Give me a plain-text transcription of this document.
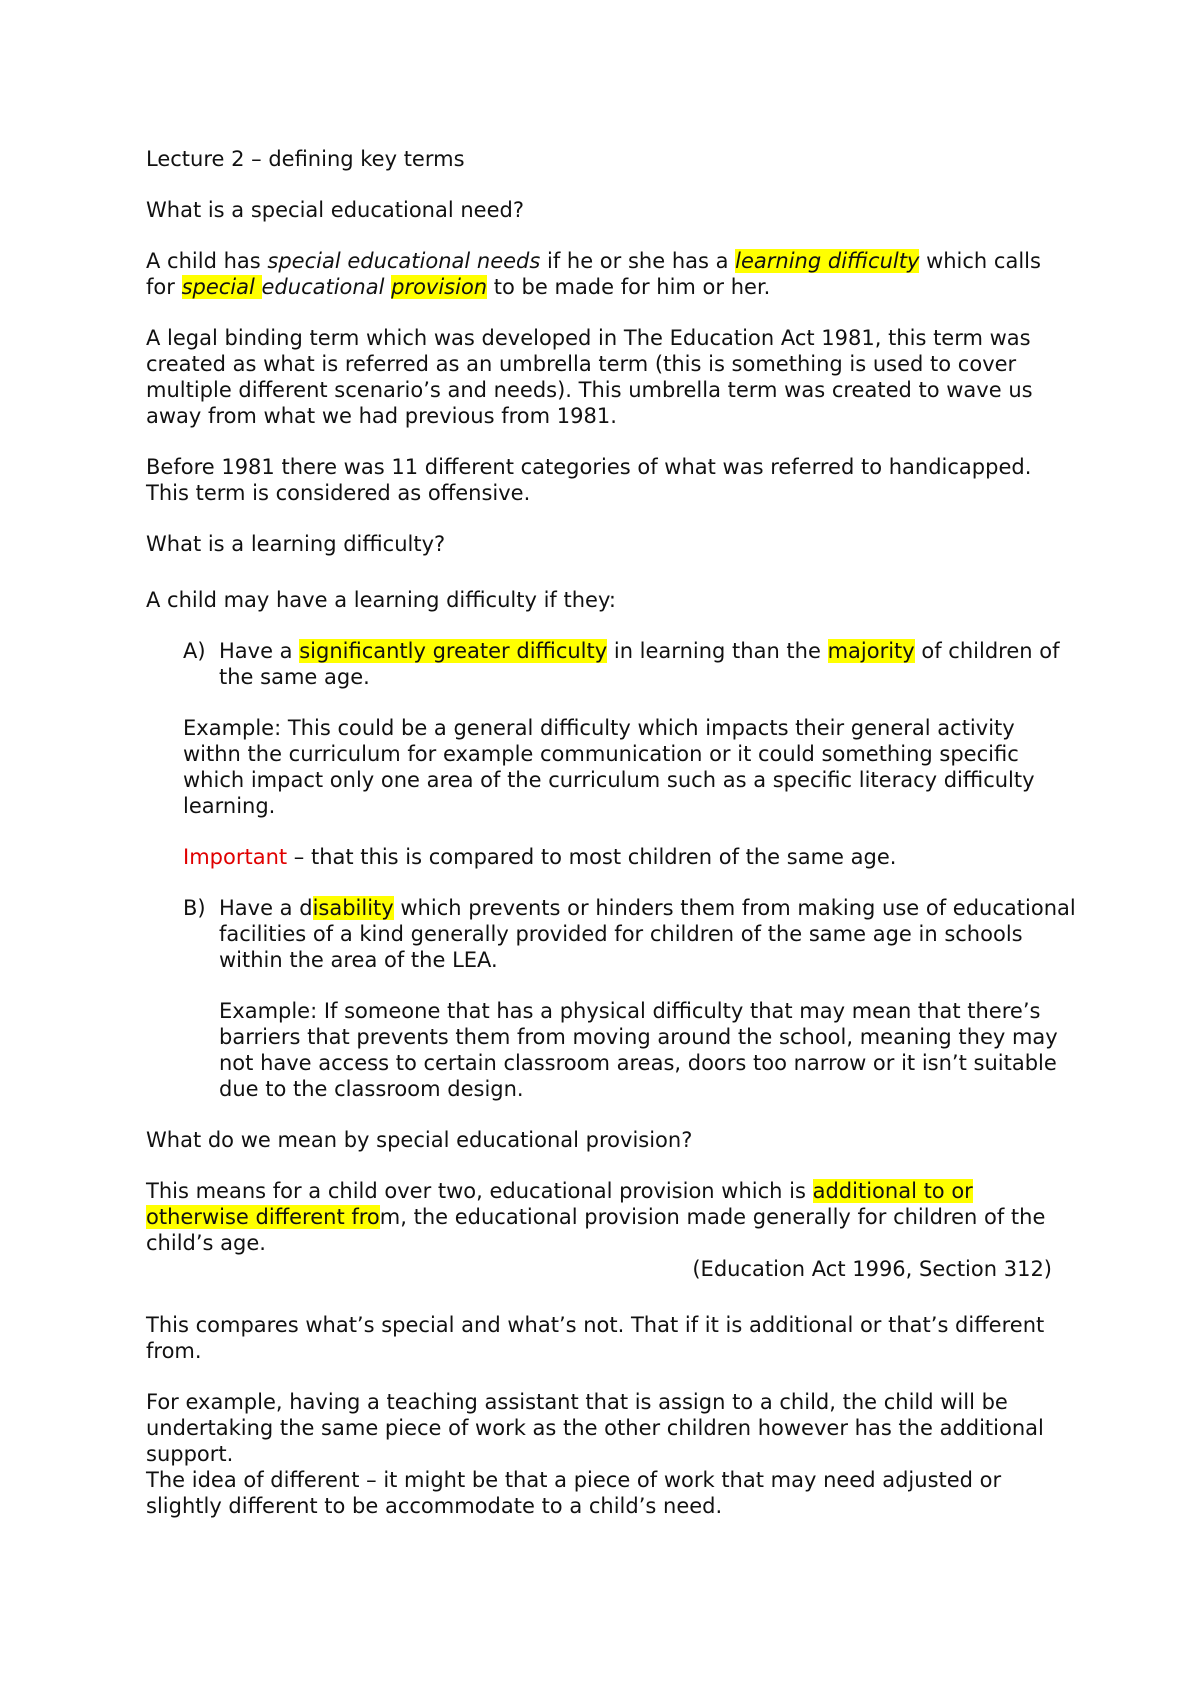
Lecture 2 – defining key terms

What is a special educational need?

A child has special educational needs if he or she has a learning difficulty which calls for special educational provision to be made for him or her.

A legal binding term which was developed in The Education Act 1981, this term was created as what is referred as an umbrella term (this is something is used to cover multiple different scenario’s and needs). This umbrella term was created to wave us away from what we had previous from 1981.

Before 1981 there was 11 different categories of what was referred to handicapped. This term is considered as offensive.

What is a learning difficulty?

A child may have a learning difficulty if they:

A) Have a significantly greater difficulty in learning than the majority of children of the same age.

Example: This could be a general difficulty which impacts their general activity withn the curriculum for example communication or it could something specific which impact only one area of the curriculum such as a specific literacy difficulty learning.

Important – that this is compared to most children of the same age.

B) Have a disability which prevents or hinders them from making use of educational facilities of a kind generally provided for children of the same age in schools within the area of the LEA.

Example: If someone that has a physical difficulty that may mean that there’s barriers that prevents them from moving around the school, meaning they may not have access to certain classroom areas, doors too narrow or it isn’t suitable due to the classroom design.

What do we mean by special educational provision?

This means for a child over two, educational provision which is additional to or otherwise different from, the educational provision made generally for children of the child’s age.

(Education Act 1996, Section 312)

This compares what’s special and what’s not. That if it is additional or that’s different from.

For example, having a teaching assistant that is assign to a child, the child will be undertaking the same piece of work as the other children however has the additional support.

The idea of different – it might be that a piece of work that may need adjusted or slightly different to be accommodate to a child’s need.
